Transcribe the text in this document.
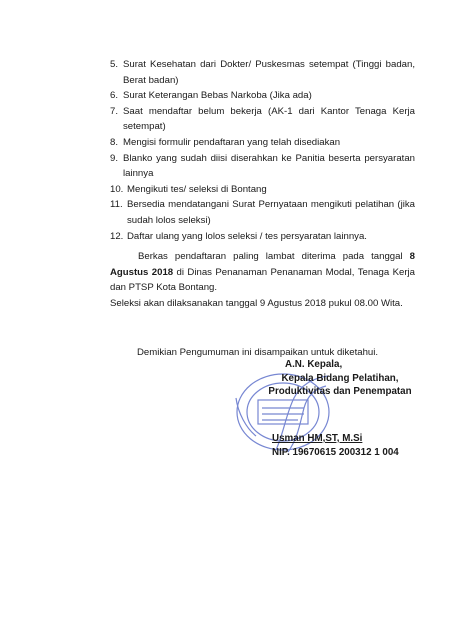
5. Surat Kesehatan dari Dokter/ Puskesmas setempat (Tinggi badan, Berat badan)
6. Surat Keterangan Bebas Narkoba (Jika ada)
7. Saat mendaftar belum bekerja (AK-1 dari Kantor Tenaga Kerja setempat)
8. Mengisi formulir pendaftaran yang telah disediakan
9. Blanko yang sudah diisi diserahkan ke Panitia beserta persyaratan lainnya
10. Mengikuti tes/ seleksi di Bontang
11. Bersedia mendatangani Surat Pernyataan mengikuti pelatihan (jika sudah lolos seleksi)
12. Daftar ulang yang lolos seleksi / tes persyaratan lainnya.
Berkas pendaftaran paling lambat diterima pada tanggal 8 Agustus 2018 di Dinas Penanaman Penanaman Modal, Tenaga Kerja dan PTSP Kota Bontang.
Seleksi akan dilaksanakan tanggal 9 Agustus 2018 pukul 08.00 Wita.
Demikian Pengumuman ini disampaikan untuk diketahui.
A.N. Kepala,
Kepala Bidang Pelatihan,
Produktivitas dan Penempatan
Usman HM,ST, M.Si
NIP. 19670615 200312 1 004
